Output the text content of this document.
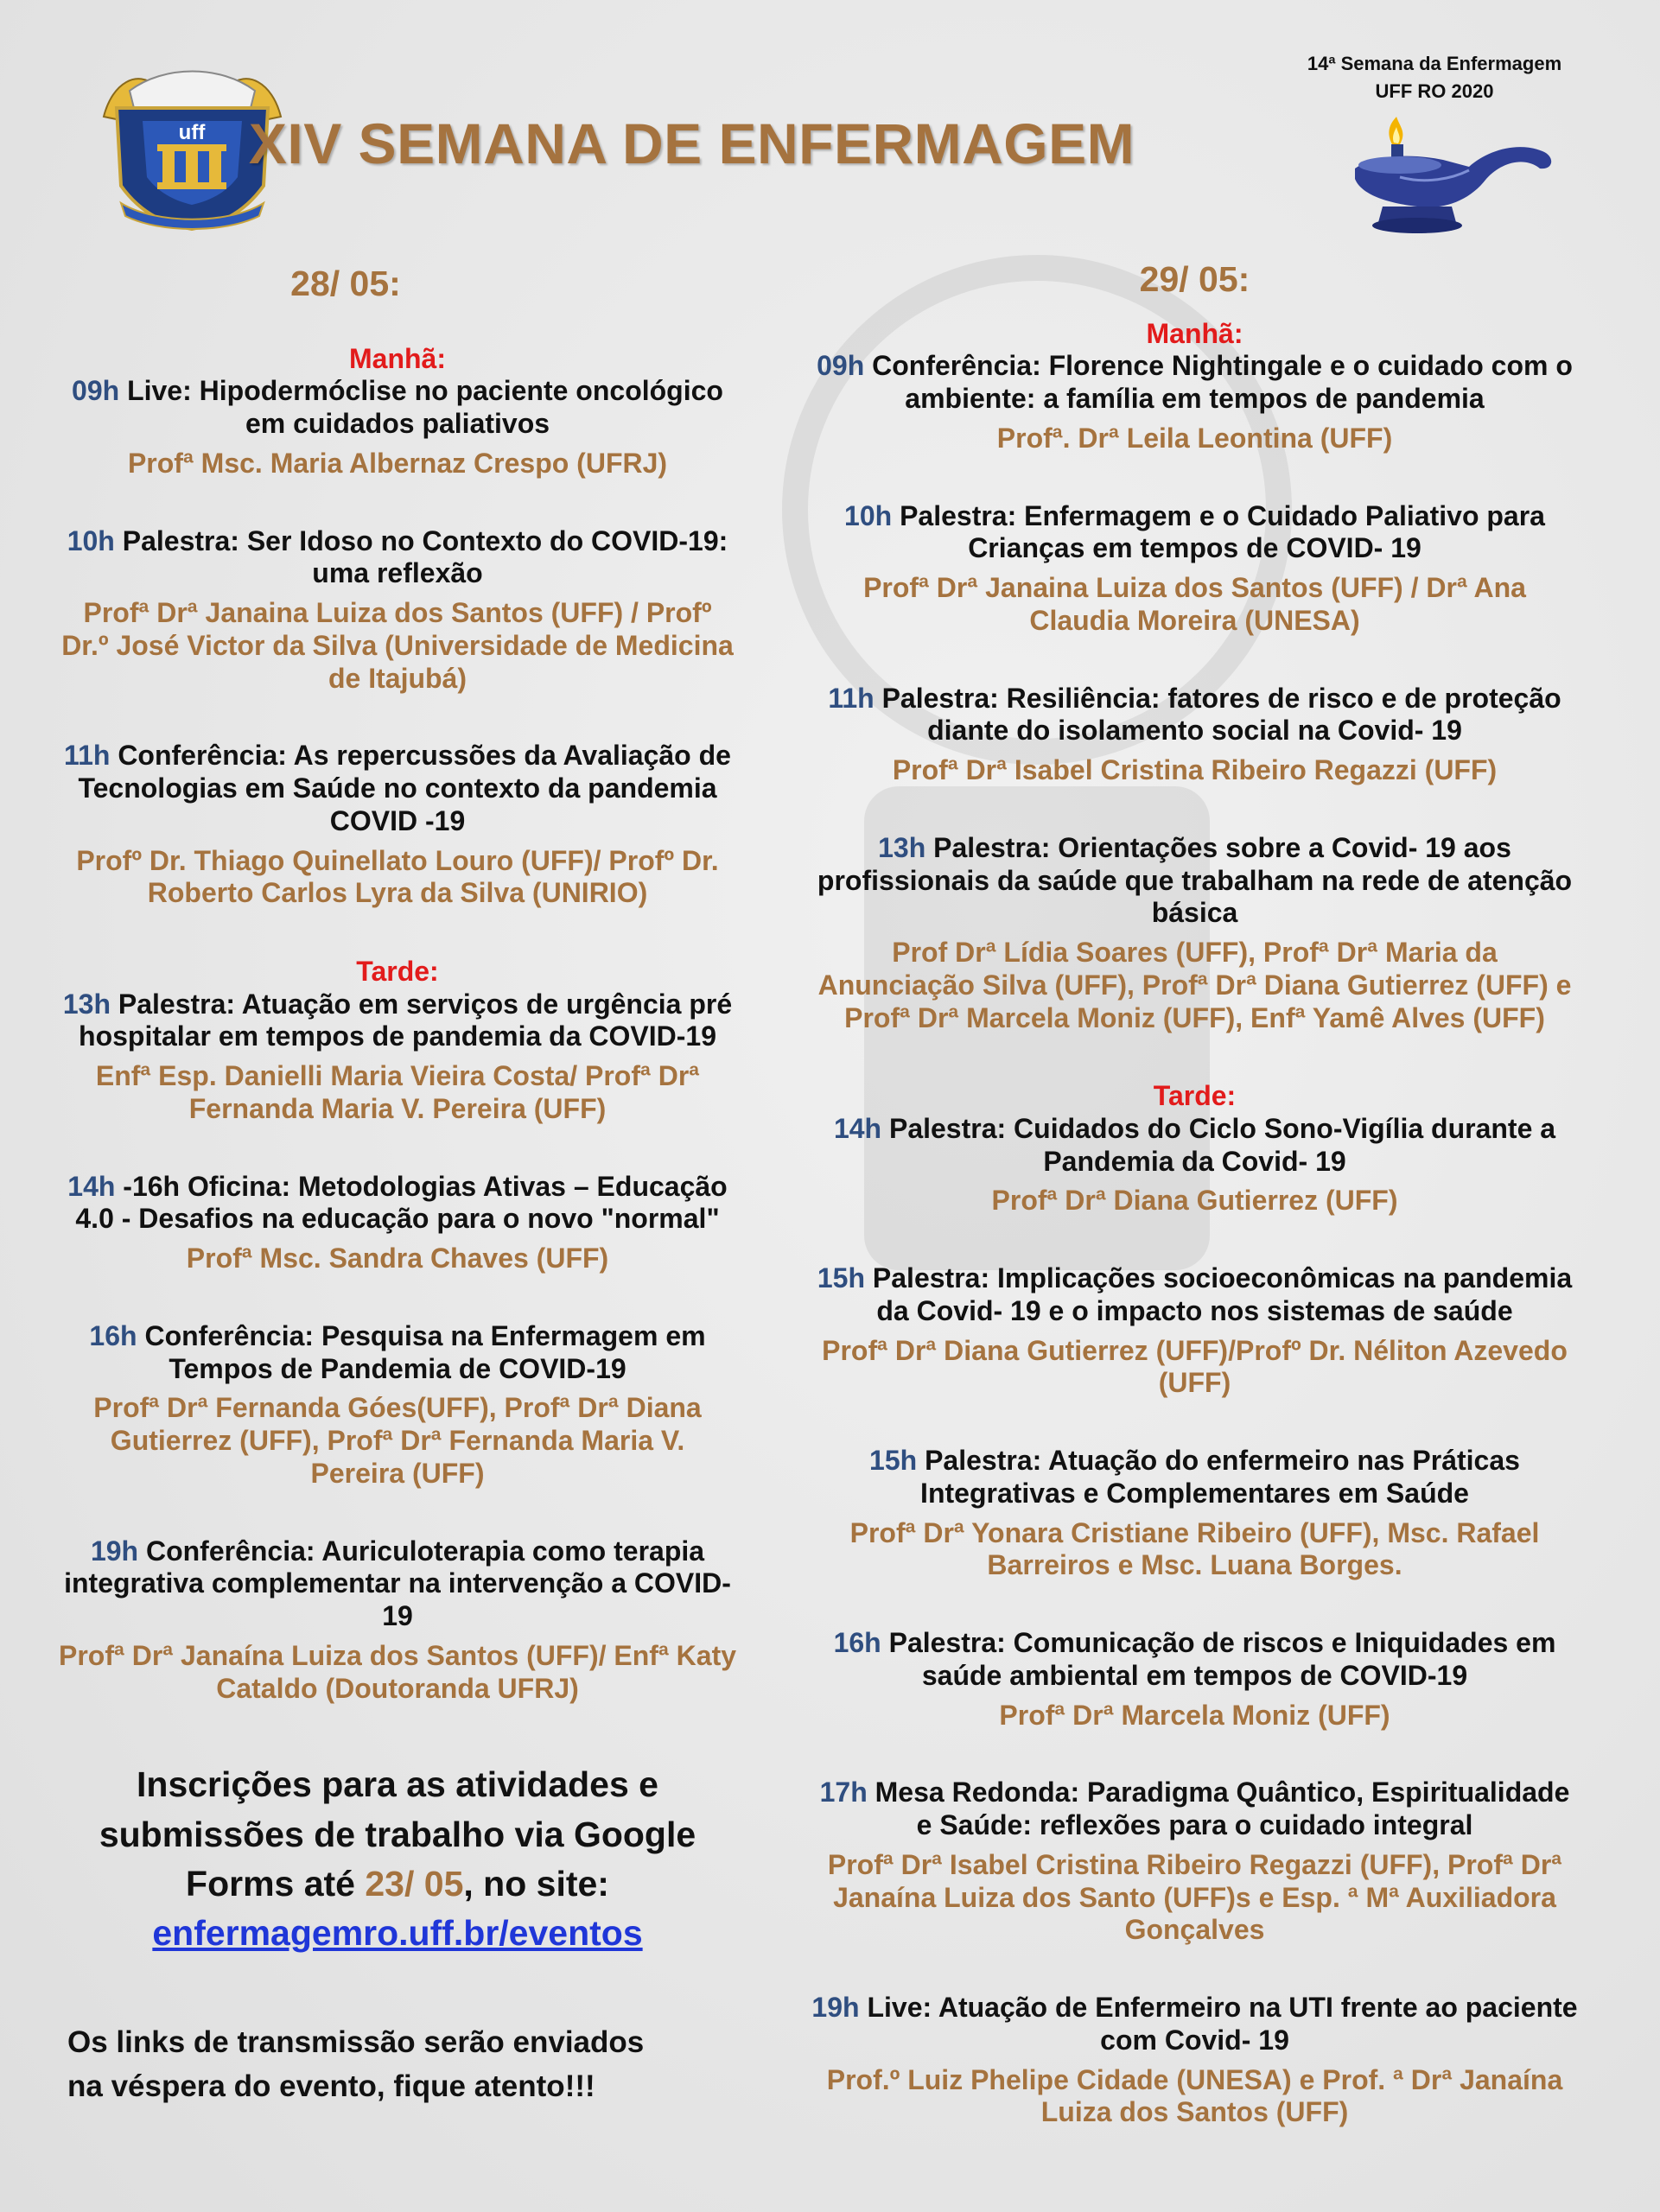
uff XIV SEMANA DE ENFERMAGEM
14ª Semana da Enfermagem
UFF RO 2020

28/ 05:

Manhã:

09h Live: Hipodermóclise no paciente oncológico
em cuidados paliativos

Profª Msc. Maria Albernaz Crespo (UFRJ)

10h Palestra: Ser Idoso no Contexto do COVID-19:
uma reflexão

Profª Drª Janaina Luiza dos Santos (UFF) / Profº
Dr.º José Victor da Silva (Universidade de Medicina
de Itajubá)

11h Conferência: As repercussões da Avaliação de
Tecnologias em Saúde no contexto da pandemia
COVID -19

Profº Dr. Thiago Quinellato Louro (UFF)/ Profº Dr.
Roberto Carlos Lyra da Silva (UNIRIO)

Tarde:

13h Palestra: Atuação em serviços de urgência pré
hospitalar em tempos de pandemia da COVID-19

Enfª Esp. Danielli Maria Vieira Costa/ Profª Drª
Fernanda Maria V. Pereira (UFF)

14h -16h Oficina: Metodologias Ativas – Educação
4.0 - Desafios na educação para o novo "normal"

Profª Msc. Sandra Chaves (UFF)

16h Conferência: Pesquisa na Enfermagem em
Tempos de Pandemia de COVID-19

Profª Drª Fernanda Góes(UFF), Profª Drª Diana
Gutierrez (UFF), Profª Drª Fernanda Maria V.
Pereira (UFF)

19h Conferência: Auriculoterapia como terapia
integrativa complementar na intervenção a COVID-
19

Profª Drª Janaína Luiza dos Santos (UFF)/ Enfª Katy
Cataldo (Doutoranda UFRJ)

Inscrições para as atividades e
submissões de trabalho via Google
Forms até 23/ 05, no site:
enfermagemro.uff.br/eventos

Os links de transmissão serão enviados
na véspera do evento, fique atento!!!

29/ 05:

Manhã:

09h Conferência: Florence Nightingale e o cuidado com o
ambiente: a família em tempos de pandemia

Profª. Drª Leila Leontina (UFF)

10h Palestra: Enfermagem e o Cuidado Paliativo para
Crianças em tempos de COVID- 19

Profª Drª Janaina Luiza dos Santos (UFF) / Drª Ana
Claudia Moreira (UNESA)

11h Palestra: Resiliência: fatores de risco e de proteção
diante do isolamento social na Covid- 19

Profª Drª Isabel Cristina Ribeiro Regazzi (UFF)

13h Palestra: Orientações sobre a Covid- 19 aos
profissionais da saúde que trabalham na rede de atenção
básica

Prof Drª Lídia Soares (UFF), Profª Drª Maria da
Anunciação Silva (UFF), Profª Drª Diana Gutierrez (UFF) e
Profª Drª Marcela Moniz (UFF), Enfª Yamê Alves (UFF)

Tarde:

14h Palestra: Cuidados do Ciclo Sono-Vigília durante a
Pandemia da Covid- 19

Profª Drª Diana Gutierrez (UFF)

15h Palestra: Implicações socioeconômicas na pandemia
da Covid- 19 e o impacto nos sistemas de saúde

Profª Drª Diana Gutierrez (UFF)/Profº Dr. Néliton Azevedo
(UFF)

15h Palestra: Atuação do enfermeiro nas Práticas
Integrativas e Complementares em Saúde

Profª Drª Yonara Cristiane Ribeiro (UFF), Msc. Rafael
Barreiros e Msc. Luana Borges.

16h Palestra: Comunicação de riscos e Iniquidades em
saúde ambiental em tempos de COVID-19

Profª Drª Marcela Moniz (UFF)

17h Mesa Redonda: Paradigma Quântico, Espiritualidade
e Saúde: reflexões para o cuidado integral

Profª Drª Isabel Cristina Ribeiro Regazzi (UFF), Profª Drª
Janaína Luiza dos Santo (UFF)s e Esp. ª Mª Auxiliadora
Gonçalves

19h Live: Atuação de Enfermeiro na UTI frente ao paciente
com Covid- 19

Prof.º Luiz Phelipe Cidade (UNESA) e Prof. ª Drª Janaína
Luiza dos Santos (UFF)
